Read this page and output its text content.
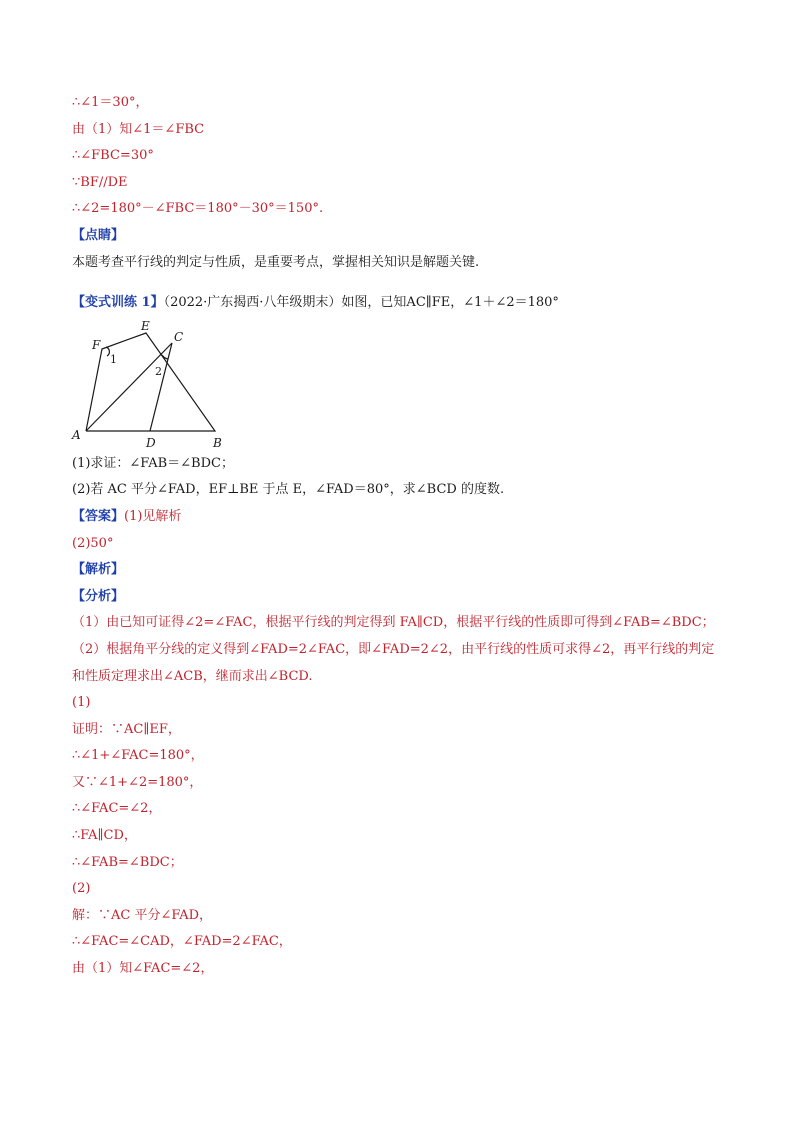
∴∠1＝30°，
由（1）知∠1＝∠FBC
∴∠FBC=30°
∵BF//DE
∴∠2=180°－∠FBC＝180°－30°＝150°.
【点睛】
本题考查平行线的判定与性质，是重要考点，掌握相关知识是解题关键.
【变式训练 1】（2022·广东揭西·八年级期末）如图，已知AC∥FE，∠1＋∠2＝180°
E
F
C
A
D	B
1
2
(1)求证：∠FAB＝∠BDC；
(2)若 AC 平分∠FAD，EF⊥BE 于点 E，∠FAD＝80°，求∠BCD 的度数.
【答案】(1)见解析
(2)50°
【解析】
【分析】
（1）由已知可证得∠2=∠FAC，根据平行线的判定得到 FA∥CD，根据平行线的性质即可得到∠FAB=∠BDC；
（2）根据角平分线的定义得到∠FAD=2∠FAC，即∠FAD=2∠2，由平行线的性质可求得∠2，再平行线的判定
和性质定理求出∠ACB，继而求出∠BCD.
(1)
证明：∵AC∥EF，
∴∠1+∠FAC=180°，
又∵∠1+∠2=180°，
∴∠FAC=∠2，
∴FA∥CD，
∴∠FAB=∠BDC；
(2)
解：∵AC 平分∠FAD，
∴∠FAC=∠CAD，∠FAD=2∠FAC，
由（1）知∠FAC=∠2，
